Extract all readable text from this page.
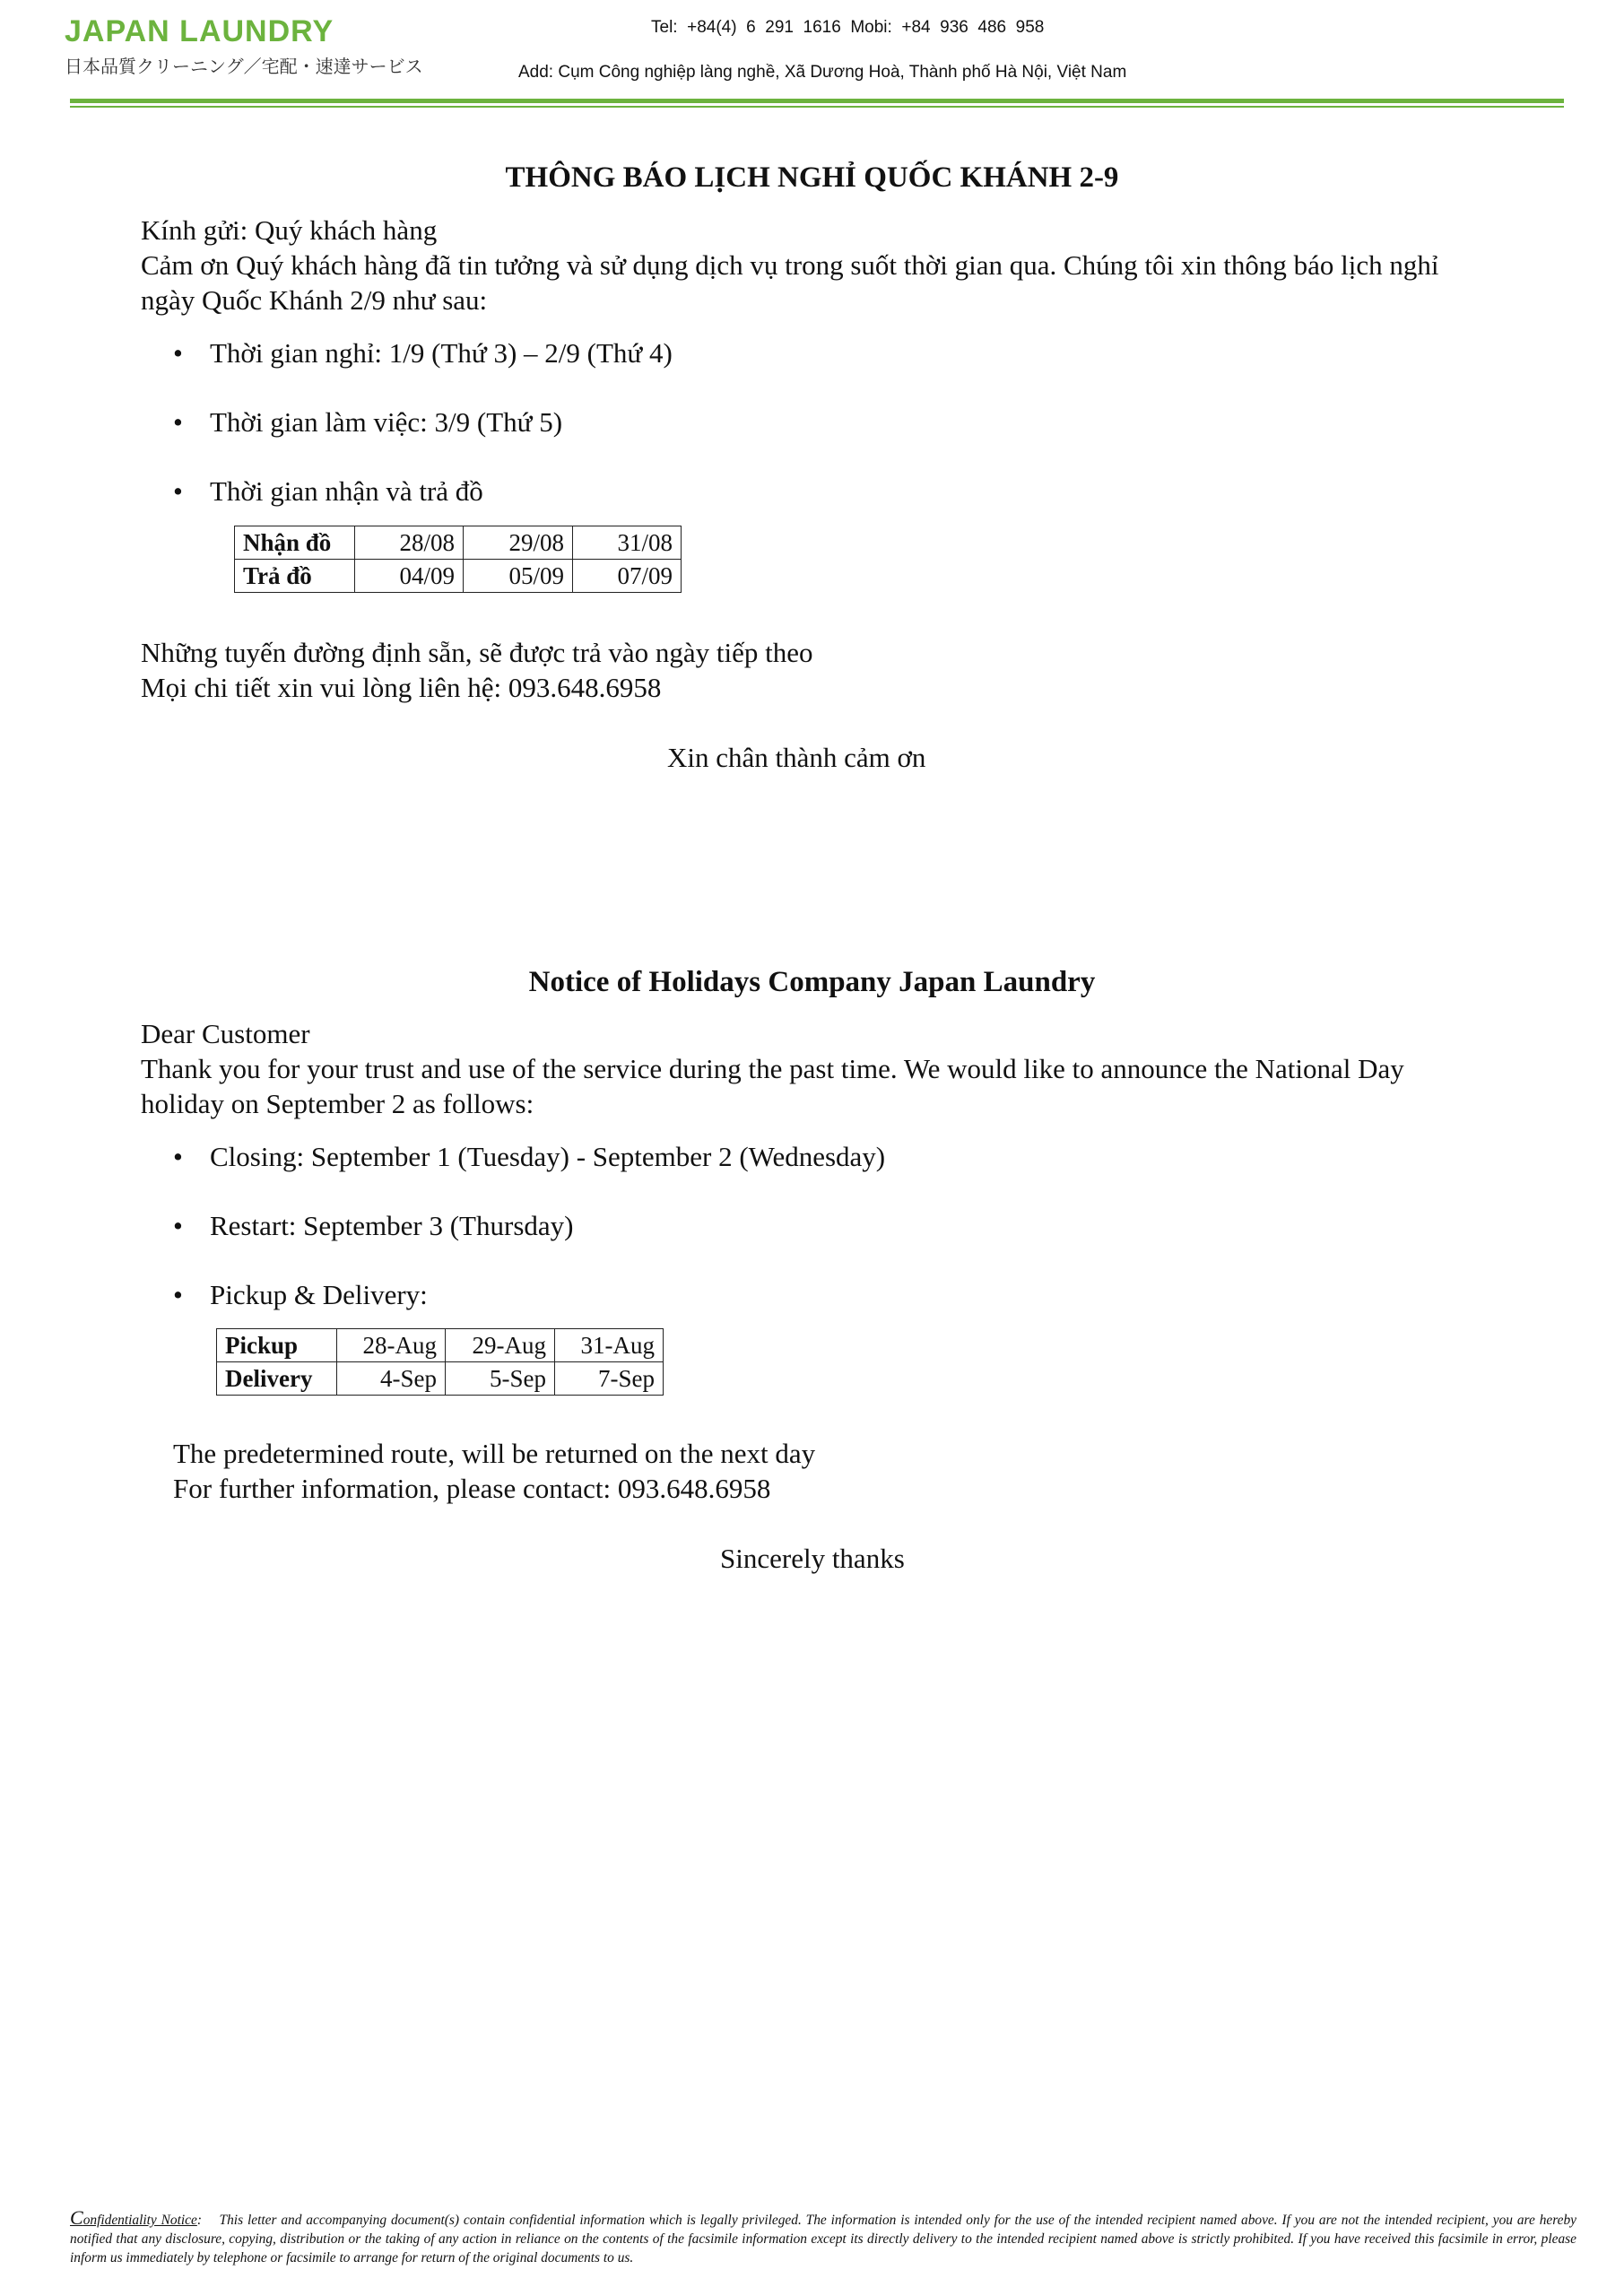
JAPAN LAUNDRY
日本品質クリーニング／宅配・速達サービス
Tel:  +84(4)  6  291  1616  Mobi:  +84  936  486  958
Add: Cụm Công nghiệp làng nghề, Xã Dương Hoà, Thành phố Hà Nội, Việt Nam
THÔNG BÁO LỊCH NGHỈ QUỐC KHÁNH 2-9

Kính gửi: Quý khách hàng

Cảm ơn Quý khách hàng đã tin tưởng và sử dụng dịch vụ trong suốt thời gian qua. Chúng tôi xin thông báo lịch nghỉ ngày Quốc Khánh 2/9 như sau:

• Thời gian nghỉ: 1/9 (Thứ 3) – 2/9 (Thứ 4)
• Thời gian làm việc: 3/9 (Thứ 5)
• Thời gian nhận và trả đồ
Nhận đồ	28/08	29/08	31/08
Trả đồ	04/09	05/09	07/09

Những tuyến đường định sẵn, sẽ được trả vào ngày tiếp theo

Mọi chi tiết xin vui lòng liên hệ: 093.648.6958

Xin chân thành cảm ơn
Notice of Holidays Company Japan Laundry

Dear Customer

Thank you for your trust and use of the service during the past time. We would like to announce the National Day holiday on September 2 as follows:

• Closing: September 1 (Tuesday) - September 2 (Wednesday)
• Restart: September 3 (Thursday)
• Pickup & Delivery:
Pickup	28-Aug	29-Aug	31-Aug
Delivery	4-Sep	5-Sep	7-Sep
The predetermined route, will be returned on the next day
For further information, please contact: 093.648.6958
Sincerely thanks
Confidentiality Notice: This letter and accompanying document(s) contain confidential information which is legally privileged. The information is intended only for the use of the intended recipient named above. If you are not the intended recipient, you are hereby notified that any disclosure, copying, distribution or the taking of any action in reliance on the contents of the facsimile information except its directly delivery to the intended recipient named above is strictly prohibited. If you have received this facsimile in error, please inform us immediately by telephone or facsimile to arrange for return of the original documents to us.
